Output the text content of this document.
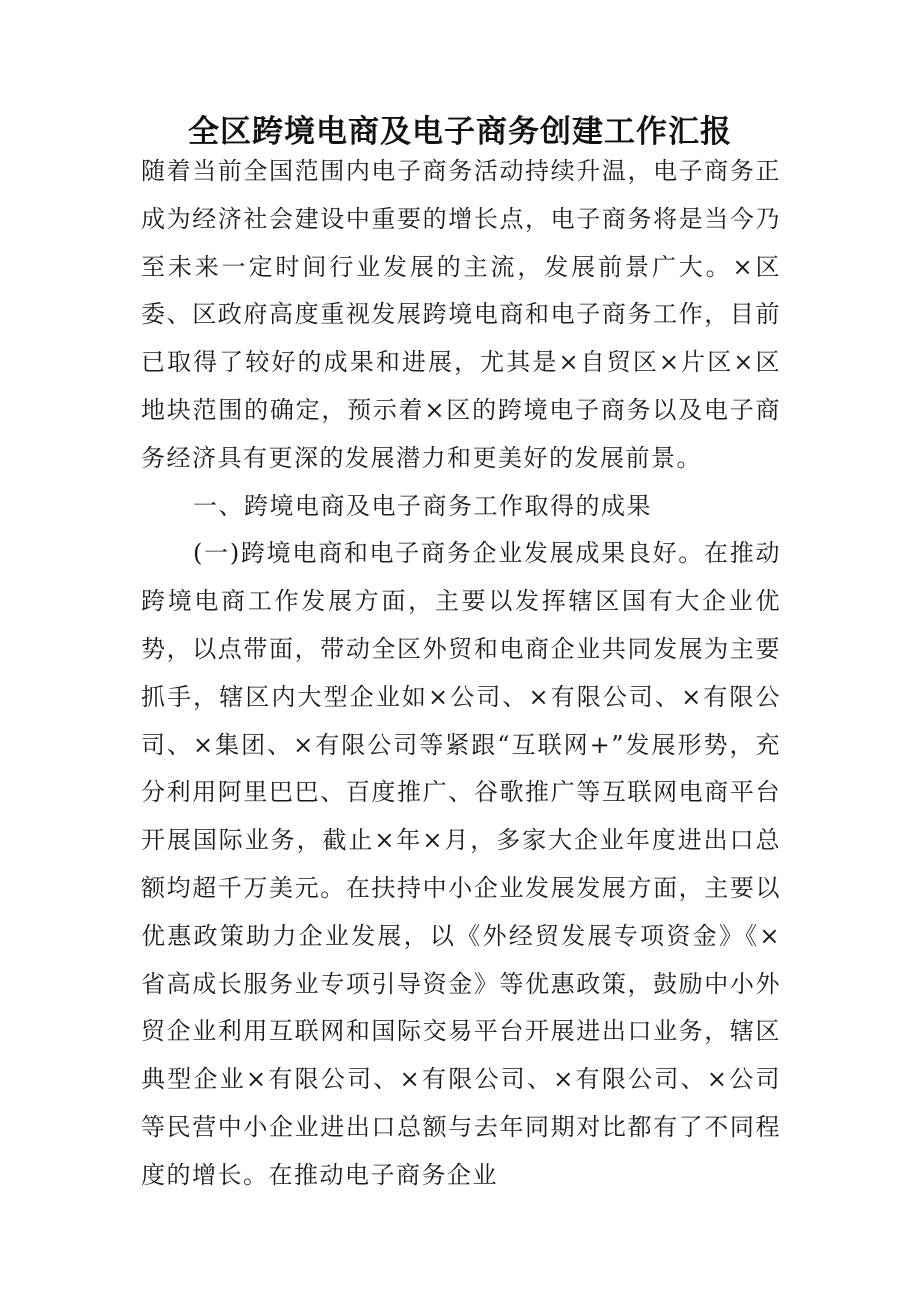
全区跨境电商及电子商务创建工作汇报

随着当前全国范围内电子商务活动持续升温，电子商务正成为经济社会建设中重要的增长点，电子商务将是当今乃至未来一定时间行业发展的主流，发展前景广大。×区委、区政府高度重视发展跨境电商和电子商务工作，目前已取得了较好的成果和进展，尤其是×自贸区×片区×区地块范围的确定，预示着×区的跨境电子商务以及电子商务经济具有更深的发展潜力和更美好的发展前景。

一、跨境电商及电子商务工作取得的成果

(一)跨境电商和电子商务企业发展成果良好。在推动跨境电商工作发展方面，主要以发挥辖区国有大企业优势，以点带面，带动全区外贸和电商企业共同发展为主要抓手，辖区内大型企业如×公司、×有限公司、×有限公司、×集团、×有限公司等紧跟“互联网+”发展形势，充分利用阿里巴巴、百度推广、谷歌推广等互联网电商平台开展国际业务，截止×年×月，多家大企业年度进出口总额均超千万美元。在扶持中小企业发展发展方面，主要以优惠政策助力企业发展，以《外经贸发展专项资金》《×省高成长服务业专项引导资金》等优惠政策，鼓励中小外贸企业利用互联网和国际交易平台开展进出口业务，辖区典型企业×有限公司、×有限公司、×有限公司、×公司等民营中小企业进出口总额与去年同期对比都有了不同程度的增长。在推动电子商务企业
